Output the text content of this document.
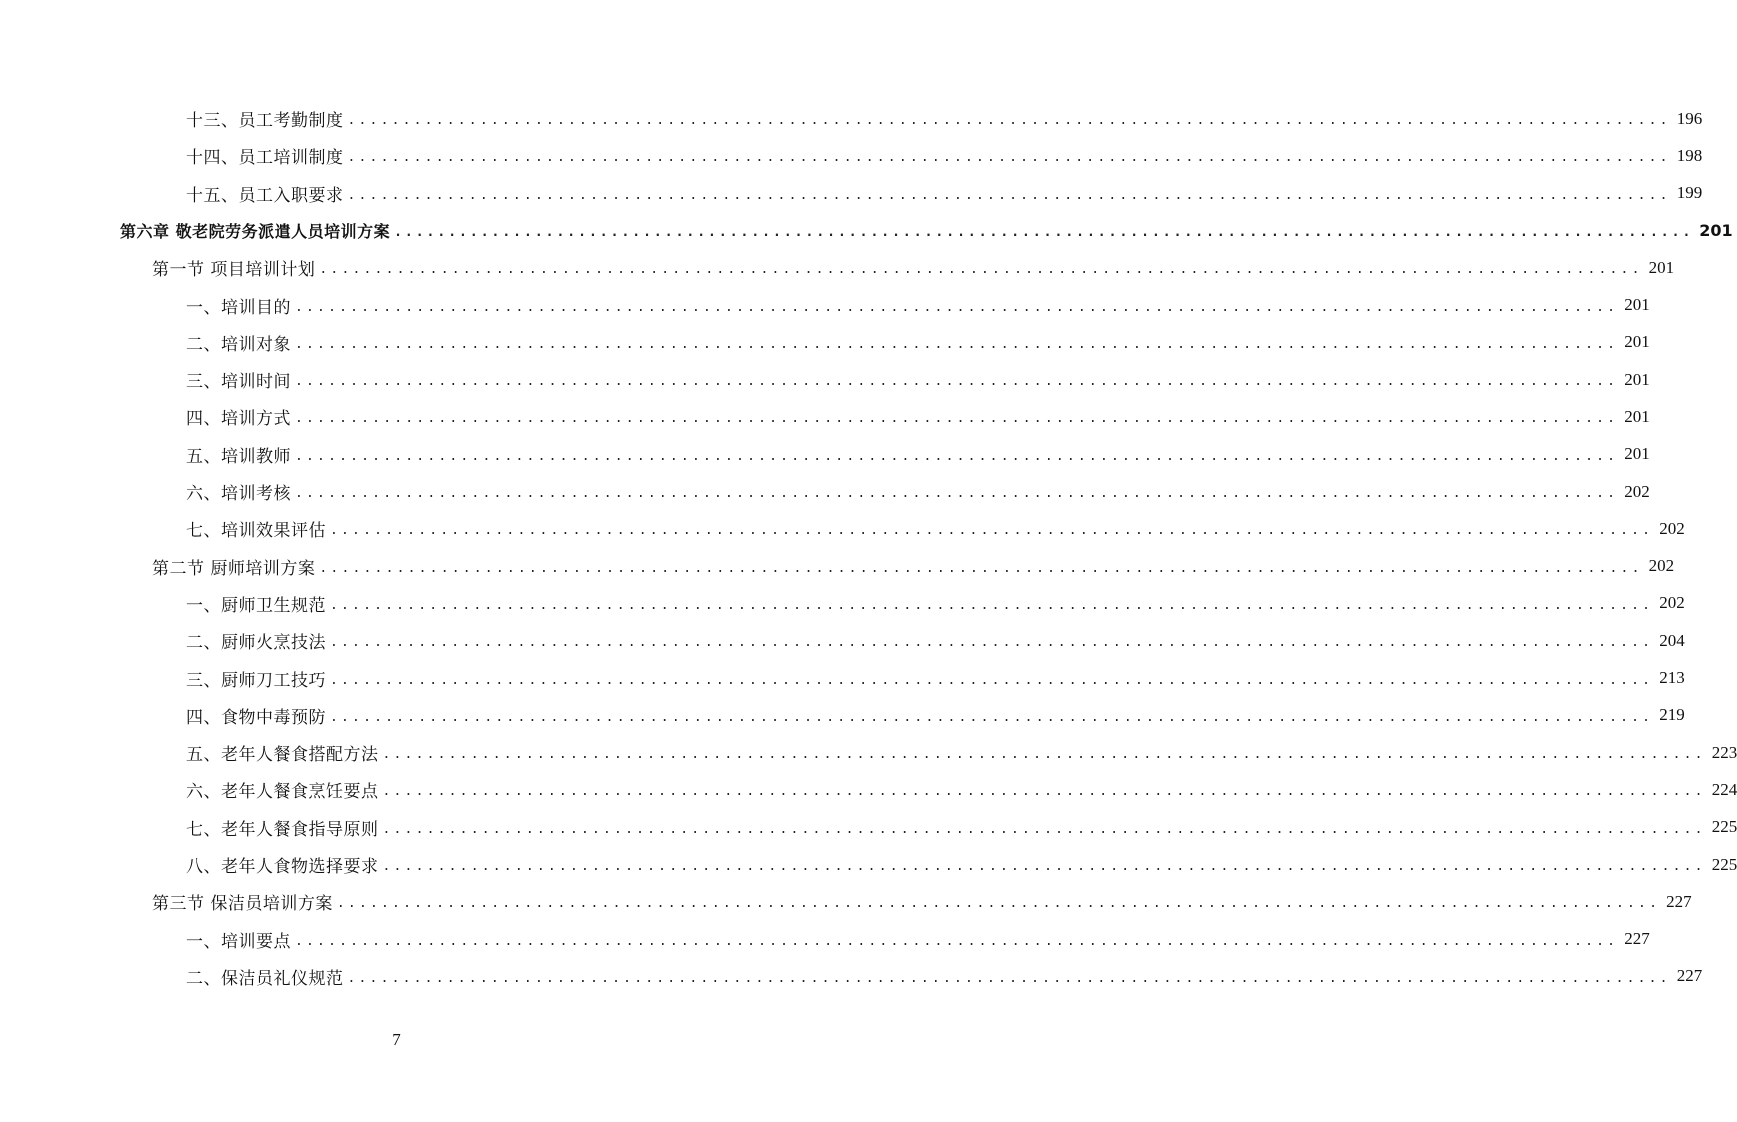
十三、员工考勤制度 ........................................................................................................................ 196
十四、员工培训制度 ........................................................................................................................ 198
十五、员工入职要求 ........................................................................................................................ 199
第六章 敬老院劳务派遣人员培训方案 ........................................................................................................................ 201
第一节 项目培训计划 ........................................................................................................................ 201
一、培训目的 ........................................................................................................................ 201
二、培训对象 ........................................................................................................................ 201
三、培训时间 ........................................................................................................................ 201
四、培训方式 ........................................................................................................................ 201
五、培训教师 ........................................................................................................................ 201
六、培训考核 ........................................................................................................................ 202
七、培训效果评估 ........................................................................................................................ 202
第二节 厨师培训方案 ........................................................................................................................ 202
一、厨师卫生规范 ........................................................................................................................ 202
二、厨师火烹技法 ........................................................................................................................ 204
三、厨师刀工技巧 ........................................................................................................................ 213
四、食物中毒预防 ........................................................................................................................ 219
五、老年人餐食搭配方法 ........................................................................................................................ 223
六、老年人餐食烹饪要点 ........................................................................................................................ 224
七、老年人餐食指导原则 ........................................................................................................................ 225
八、老年人食物选择要求 ........................................................................................................................ 225
第三节 保洁员培训方案 ........................................................................................................................ 227
一、培训要点 ........................................................................................................................ 227
二、保洁员礼仪规范 ........................................................................................................................ 227
7
